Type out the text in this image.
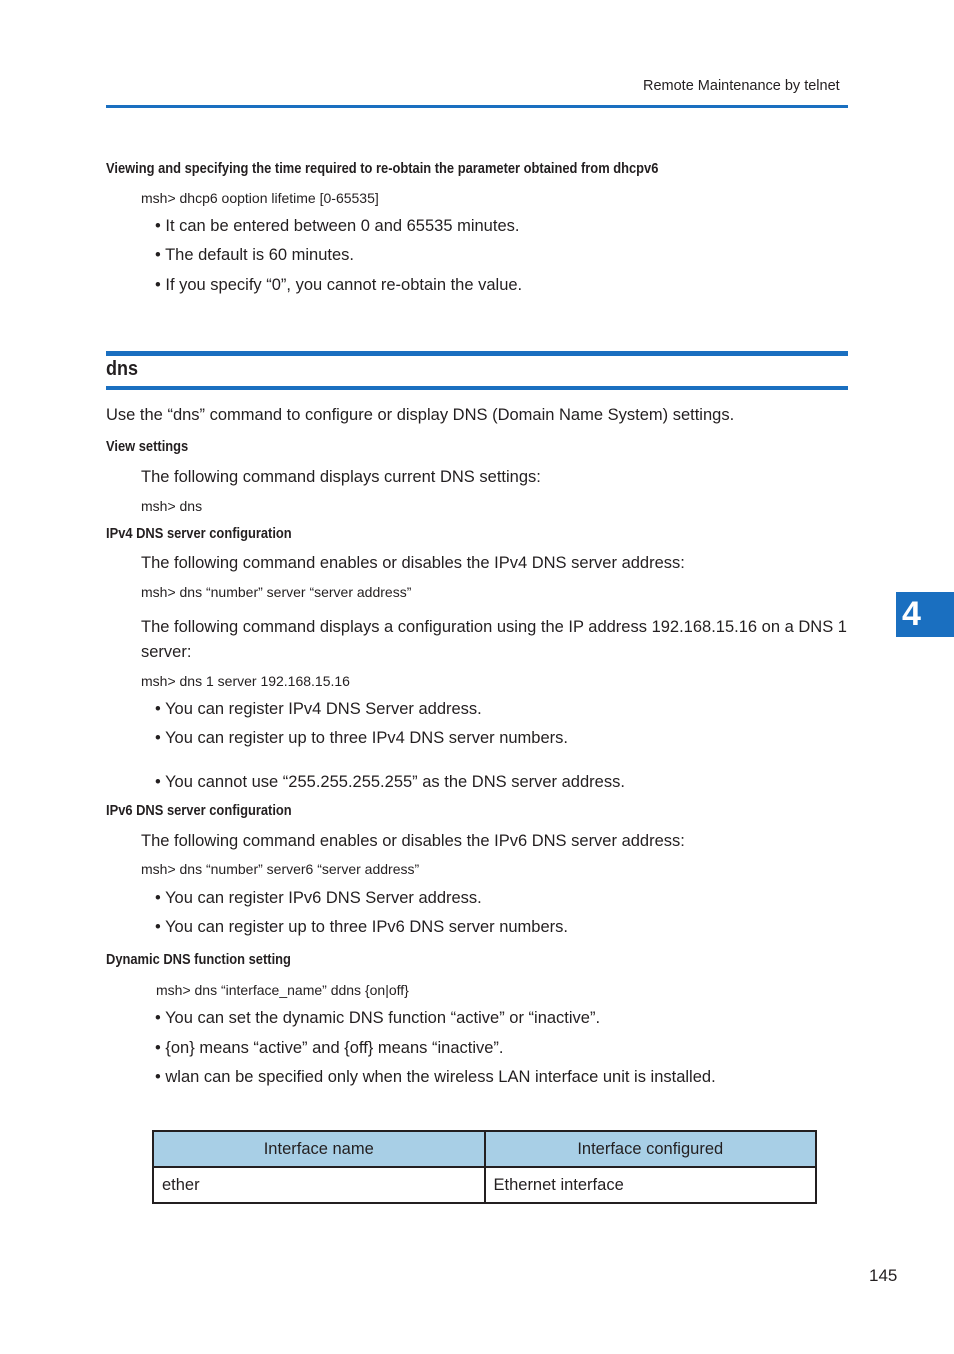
Remote Maintenance by telnet
Viewing and specifying the time required to re-obtain the parameter obtained from dhcpv6
msh> dhcp6 ooption lifetime [0-65535]
• It can be entered between 0 and 65535 minutes.
• The default is 60 minutes.
• If you specify “0”, you cannot re-obtain the value.
dns
Use the “dns” command to configure or display DNS (Domain Name System) settings.
View settings
The following command displays current DNS settings:
msh> dns
IPv4 DNS server configuration
The following command enables or disables the IPv4 DNS server address:
msh> dns “number” server “server address”
The following command displays a configuration using the IP address 192.168.15.16 on a DNS 1
server:
msh> dns 1 server 192.168.15.16
• You can register IPv4 DNS Server address.
• You can register up to three IPv4 DNS server numbers.
• You cannot use “255.255.255.255” as the DNS server address.
IPv6 DNS server configuration
The following command enables or disables the IPv6 DNS server address:
msh> dns “number” server6 “server address”
• You can register IPv6 DNS Server address.
• You can register up to three IPv6 DNS server numbers.
Dynamic DNS function setting
msh> dns “interface_name” ddns {on|off}
• You can set the dynamic DNS function “active” or “inactive”.
• {on} means “active” and {off} means “inactive”.
• wlan can be specified only when the wireless LAN interface unit is installed.
Interface name	Interface configured
ether	Ethernet interface
4
145
